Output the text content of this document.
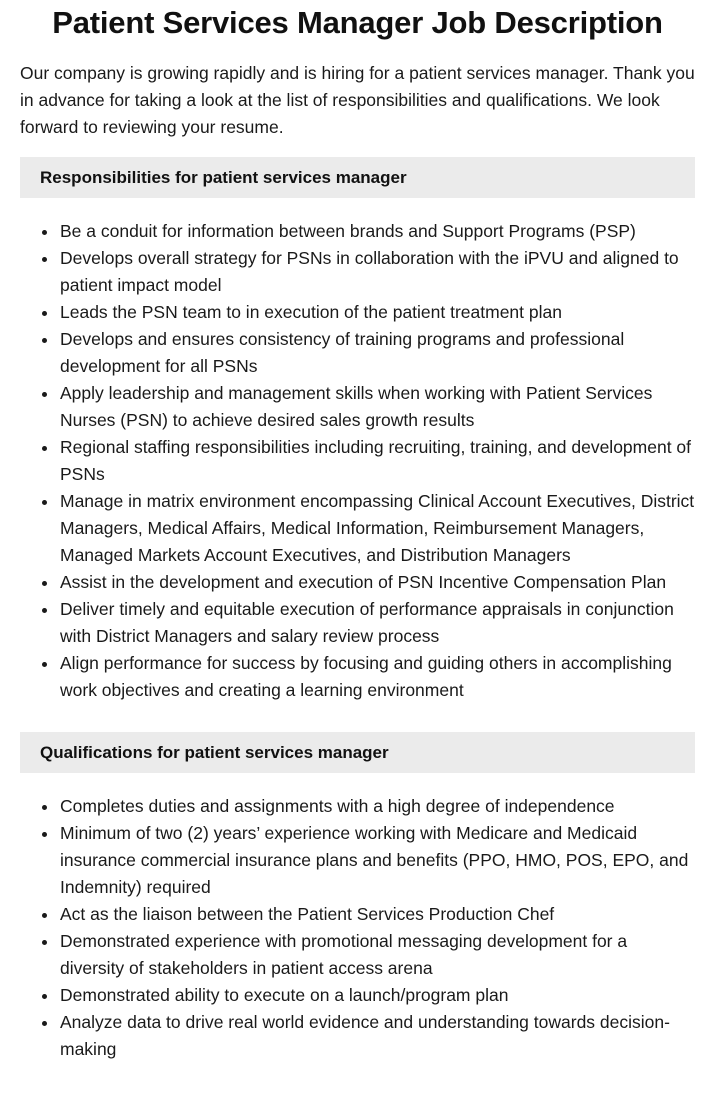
Patient Services Manager Job Description

Our company is growing rapidly and is hiring for a patient services manager. Thank you in advance for taking a look at the list of responsibilities and qualifications. We look forward to reviewing your resume.

Responsibilities for patient services manager
Be a conduit for information between brands and Support Programs (PSP)
Develops overall strategy for PSNs in collaboration with the iPVU and aligned to patient impact model
Leads the PSN team to in execution of the patient treatment plan
Develops and ensures consistency of training programs and professional development for all PSNs
Apply leadership and management skills when working with Patient Services Nurses (PSN) to achieve desired sales growth results
Regional staffing responsibilities including recruiting, training, and development of PSNs
Manage in matrix environment encompassing Clinical Account Executives, District Managers, Medical Affairs, Medical Information, Reimbursement Managers, Managed Markets Account Executives, and Distribution Managers
Assist in the development and execution of PSN Incentive Compensation Plan
Deliver timely and equitable execution of performance appraisals in conjunction with District Managers and salary review process
Align performance for success by focusing and guiding others in accomplishing work objectives and creating a learning environment
Qualifications for patient services manager
Completes duties and assignments with a high degree of independence
Minimum of two (2) years’ experience working with Medicare and Medicaid insurance commercial insurance plans and benefits (PPO, HMO, POS, EPO, and Indemnity) required
Act as the liaison between the Patient Services Production Chef
Demonstrated experience with promotional messaging development for a diversity of stakeholders in patient access arena
Demonstrated ability to execute on a launch/program plan
Analyze data to drive real world evidence and understanding towards decision-making
